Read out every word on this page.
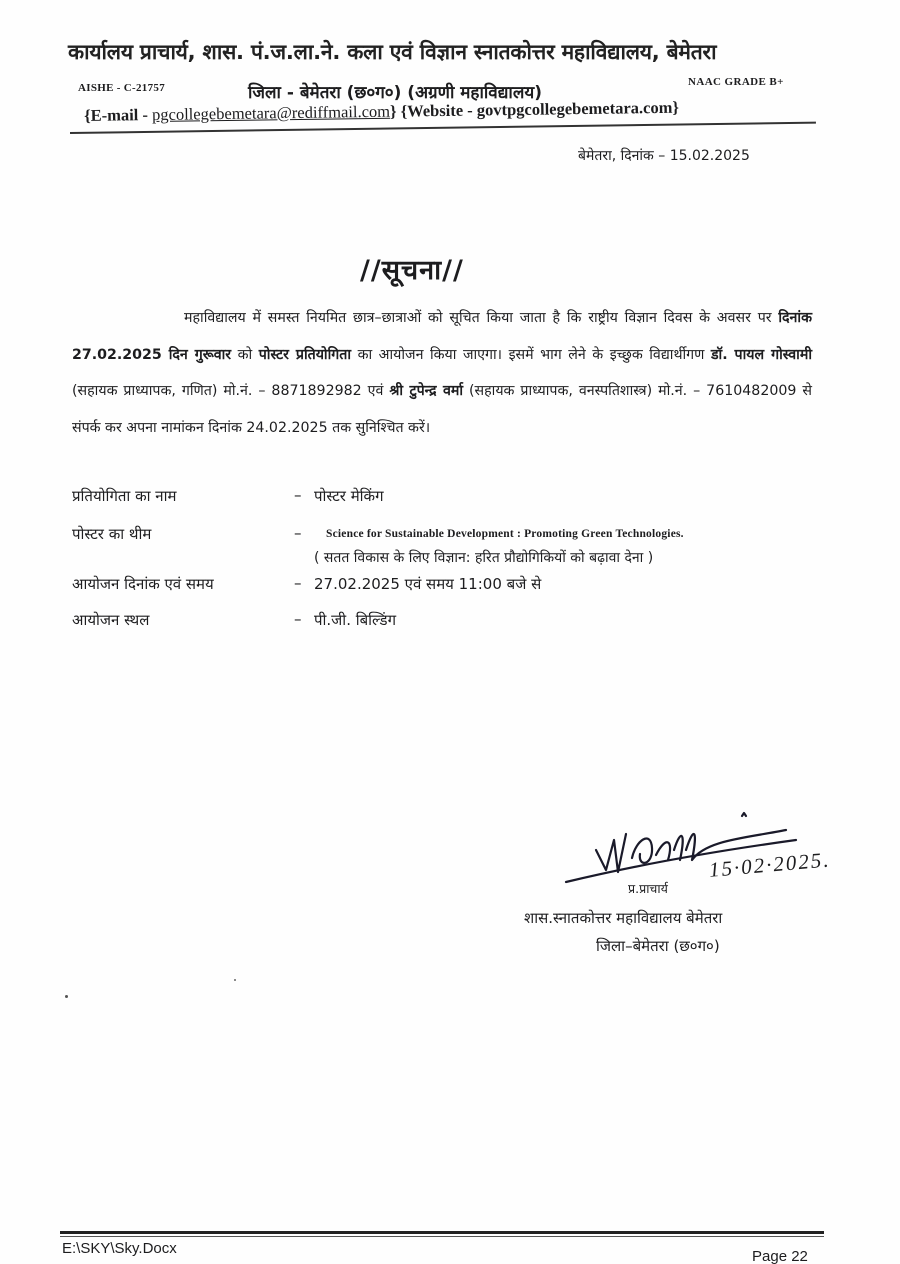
कार्यालय प्राचार्य, शास. पं.ज.ला.ने. कला एवं विज्ञान स्नातकोत्तर महाविद्यालय, बेमेतरा
AISHE - C-21757	जिला - बेमेतरा (छ०ग०) (अग्रणी महाविद्यालय)
NAAC GRADE B+
{E-mail - pgcollegebemetara@rediffmail.com} {Website - govtpgcollegebemetara.com}
बेमेतरा, दिनांक – 15.02.2025
//सूचना//
महाविद्यालय में समस्त नियमित छात्र–छात्राओं को सूचित किया जाता है कि राष्ट्रीय विज्ञान दिवस के अवसर पर दिनांक 27.02.2025 दिन गुरूवार को पोस्टर प्रतियोगिता का आयोजन किया जाएगा। इसमें भाग लेने के इच्छुक विद्यार्थीगण डॉ. पायल गोस्वामी (सहायक प्राध्यापक, गणित) मो.नं. – 8871892982 एवं श्री टुपेन्द्र वर्मा (सहायक प्राध्यापक, वनस्पतिशास्त्र) मो.नं. – 7610482009 से संपर्क कर अपना नामांकन दिनांक 24.02.2025 तक सुनिश्चित करें।
प्रतियोगिता का नाम	– पोस्टर मेकिंग
पोस्टर का थीम	– Science for Sustainable Development : Promoting Green Technologies.
( सतत विकास के लिए विज्ञान: हरित प्रौद्योगिकियों को बढ़ावा देना )
आयोजन दिनांक एवं समय	– 27.02.2025 एवं समय 11:00 बजे से
आयोजन स्थल	– पी.जी. बिल्डिंग
15·02·2025.
प्र.प्राचार्य
शास.स्नातकोत्तर महाविद्यालय बेमेतरा
जिला–बेमेतरा (छ०ग०)
E:\SKY\Sky.Docx	Page 22
